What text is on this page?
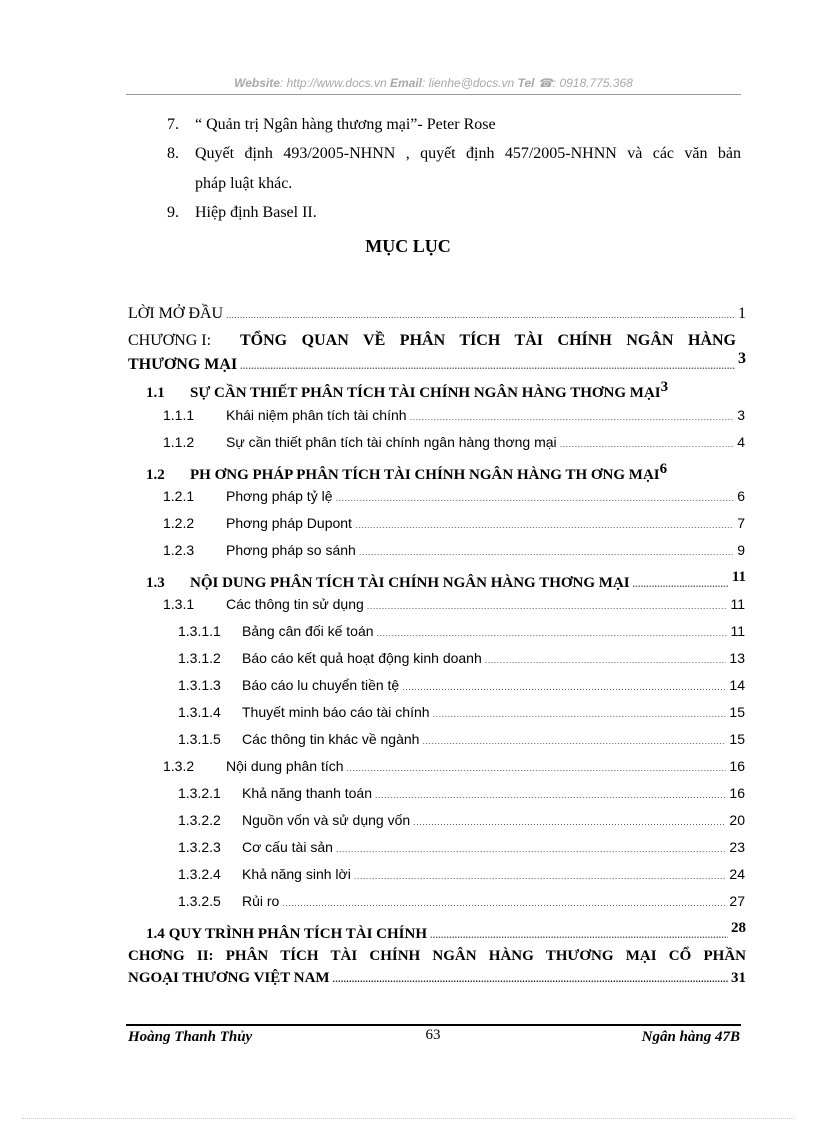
Website: http://www.docs.vn Email: lienhe@docs.vn Tel ☎: 0918.775.368
7. “ Quản trị Ngân hàng thương mại”- Peter Rose
8. Quyết định 493/2005-NHNN , quyết định 457/2005-NHNN và các văn bản
pháp luật khác.
9. Hiệp định Basel II.
MỤC LỤC
LỜI MỞ ĐẦU .....	1
CHƯƠNG I: TỔNG QUAN VỀ PHÂN TÍCH TÀI CHÍNH NGÂN HÀNG
THƯƠNG MẠI .....	3
1.1	SỰ CẦN THIẾT PHÂN TÍCH TÀI CHÍNH NGÂN HÀNG THƠNG MẠI 3
1.1.1	Khái niệm phân tích tài chính .....	3
1.1.2	Sự cần thiết phân tích tài chính ngân hàng thơng mại .....	4
1.2	PH ƠNG PHÁP PHÂN TÍCH TÀI CHÍNH NGÂN HÀNG TH ƠNG MẠI 6
1.2.1	Phơng pháp tỷ lệ .....	6
1.2.2	Phơng pháp Dupont .....	7
1.2.3	Phơng pháp so sánh .....	9
1.3	NỘI DUNG PHÂN TÍCH TÀI CHÍNH NGÂN HÀNG THƠNG MẠI .....	11
1.3.1	Các thông tin sử dụng .....	11
1.3.1.1	Bảng cân đối kế toán .....	11
1.3.1.2	Báo cáo kết quả hoạt động kinh doanh .....	13
1.3.1.3	Báo cáo lu chuyển tiền tệ .....	14
1.3.1.4	Thuyết minh báo cáo tài chính .....	15
1.3.1.5	Các thông tin khác về ngành .....	15
1.3.2	Nội dung phân tích .....	16
1.3.2.1	Khả năng thanh toán .....	16
1.3.2.2	Nguồn vốn và sử dụng vốn .....	20
1.3.2.3	Cơ cấu tài sản .....	23
1.3.2.4	Khả năng sinh lời .....	24
1.3.2.5	Rủi ro .....	27
1.4 QUY TRÌNH PHÂN TÍCH TÀI CHÍNH .....	28
CHƠNG II: PHÂN TÍCH TÀI CHÍNH NGÂN HÀNG THƯƠNG MẠI CỔ PHẦN
NGOẠI THƯƠNG VIỆT NAM .....	31
Hoàng Thanh Thủy	63	Ngân hàng 47B
